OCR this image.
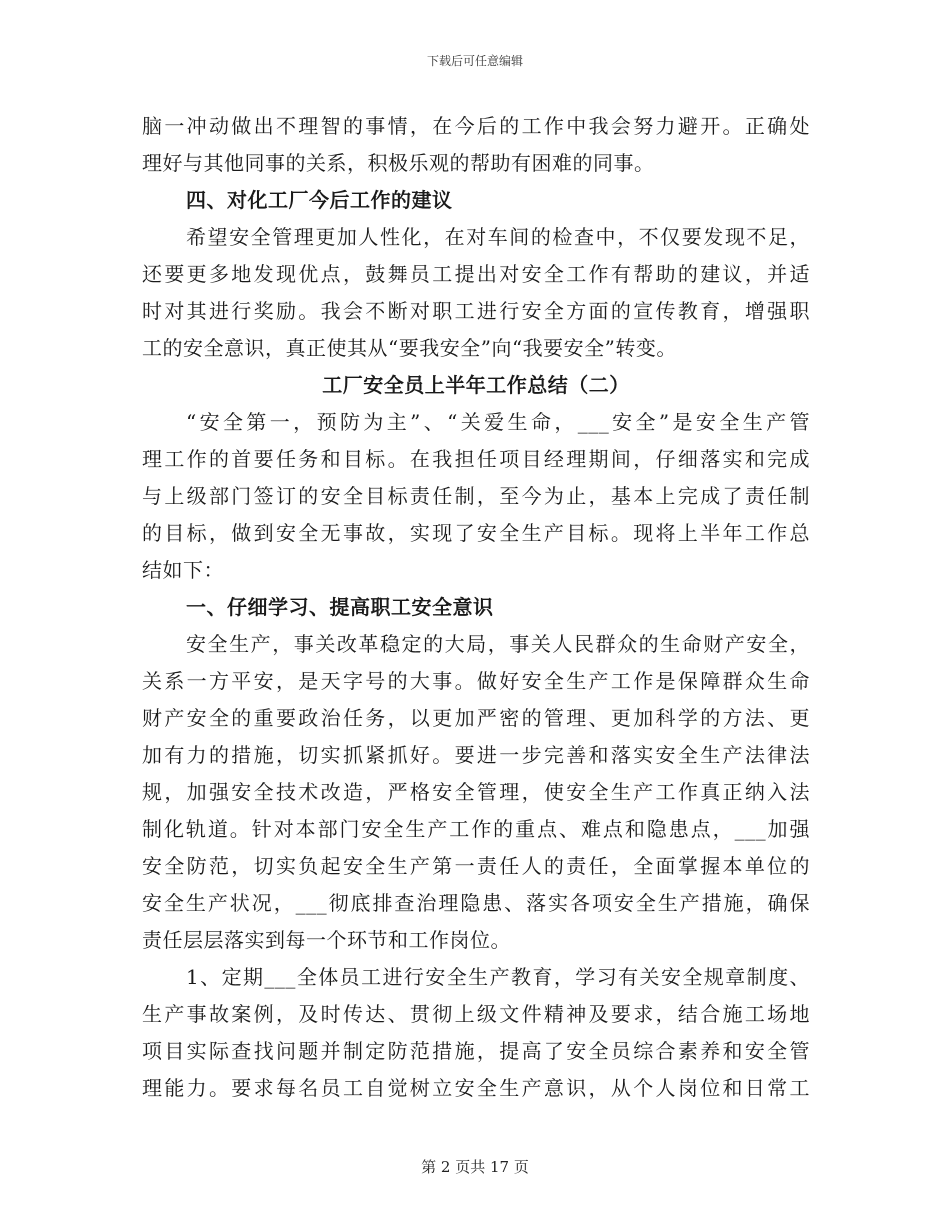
下载后可任意编辑
脑一冲动做出不理智的事情，在今后的工作中我会努力避开。正确处
理好与其他同事的关系，积极乐观的帮助有困难的同事。
四、对化工厂今后工作的建议
希望安全管理更加人性化，在对车间的检查中，不仅要发现不足，
还要更多地发现优点，鼓舞员工提出对安全工作有帮助的建议，并适
时对其进行奖励。我会不断对职工进行安全方面的宣传教育，增强职
工的安全意识，真正使其从“要我安全”向“我要安全”转变。
工厂安全员上半年工作总结（二）
“安全第一，预防为主”、“关爱生命，___安全”是安全生产管
理工作的首要任务和目标。在我担任项目经理期间，仔细落实和完成
与上级部门签订的安全目标责任制，至今为止，基本上完成了责任制
的目标，做到安全无事故，实现了安全生产目标。现将上半年工作总
结如下：
一、仔细学习、提高职工安全意识
安全生产，事关改革稳定的大局，事关人民群众的生命财产安全，
关系一方平安，是天字号的大事。做好安全生产工作是保障群众生命
财产安全的重要政治任务，以更加严密的管理、更加科学的方法、更
加有力的措施，切实抓紧抓好。要进一步完善和落实安全生产法律法
规，加强安全技术改造，严格安全管理，使安全生产工作真正纳入法
制化轨道。针对本部门安全生产工作的重点、难点和隐患点，___加强
安全防范，切实负起安全生产第一责任人的责任，全面掌握本单位的
安全生产状况，___彻底排查治理隐患、落实各项安全生产措施，确保
责任层层落实到每一个环节和工作岗位。
1、定期___全体员工进行安全生产教育，学习有关安全规章制度、
生产事故案例，及时传达、贯彻上级文件精神及要求，结合施工场地
项目实际查找问题并制定防范措施，提高了安全员综合素养和安全管
理能力。要求每名员工自觉树立安全生产意识，从个人岗位和日常工
第 2 页共 17 页
